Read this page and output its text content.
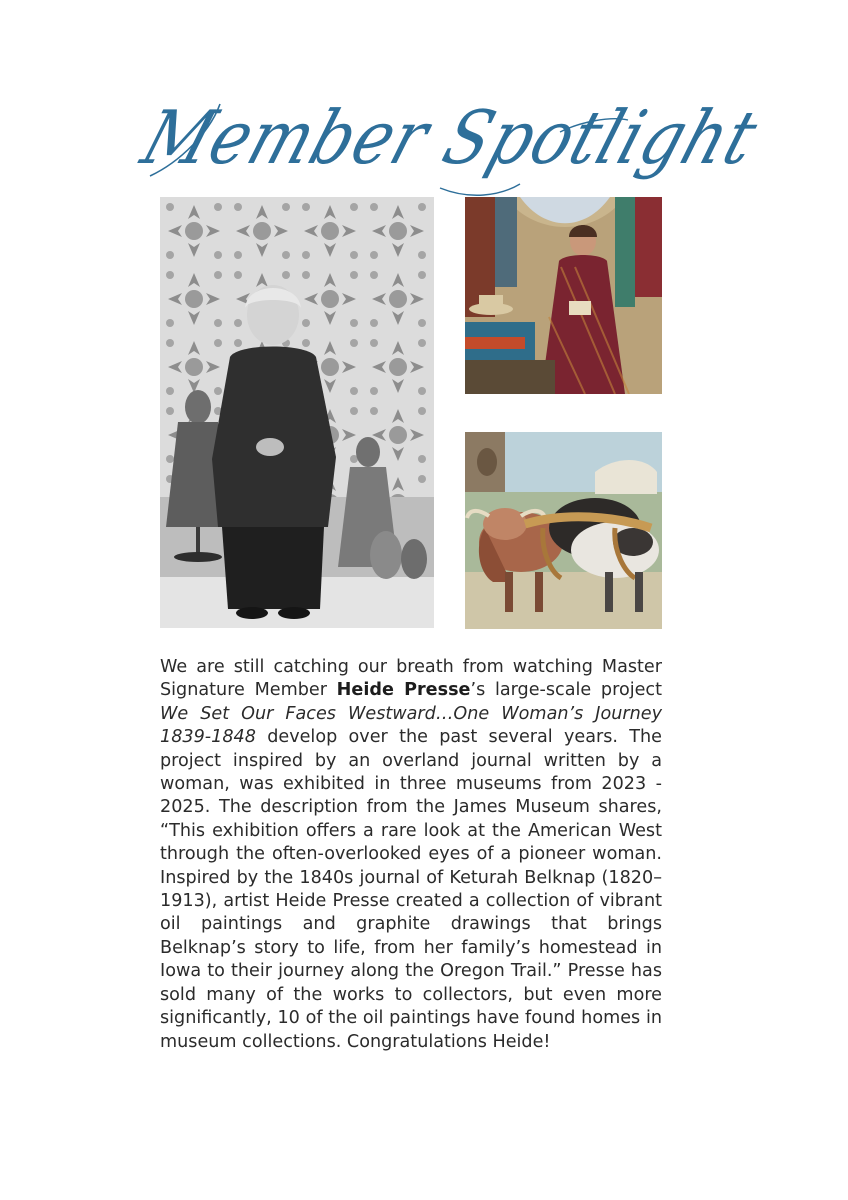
Member Spotlight

We are still catching our breath from watching Master Signature Member Heide Presse’s large-scale project We Set Our Faces Westward…One Woman’s Journey 1839-1848 develop over the past several years. The project inspired by an overland journal written by a woman, was exhibited in three museums from 2023 - 2025. The description from the James Museum shares, “This exhibition offers a rare look at the American West through the often-overlooked eyes of a pioneer woman. Inspired by the 1840s journal of Keturah Belknap (1820–1913), artist Heide Presse created a collection of vibrant oil paintings and graphite drawings that brings Belknap’s story to life, from her family’s homestead in Iowa to their journey along the Oregon Trail.” Presse has sold many of the works to collectors, but even more significantly, 10 of the oil paintings have found homes in museum collections. Congratulations Heide!
